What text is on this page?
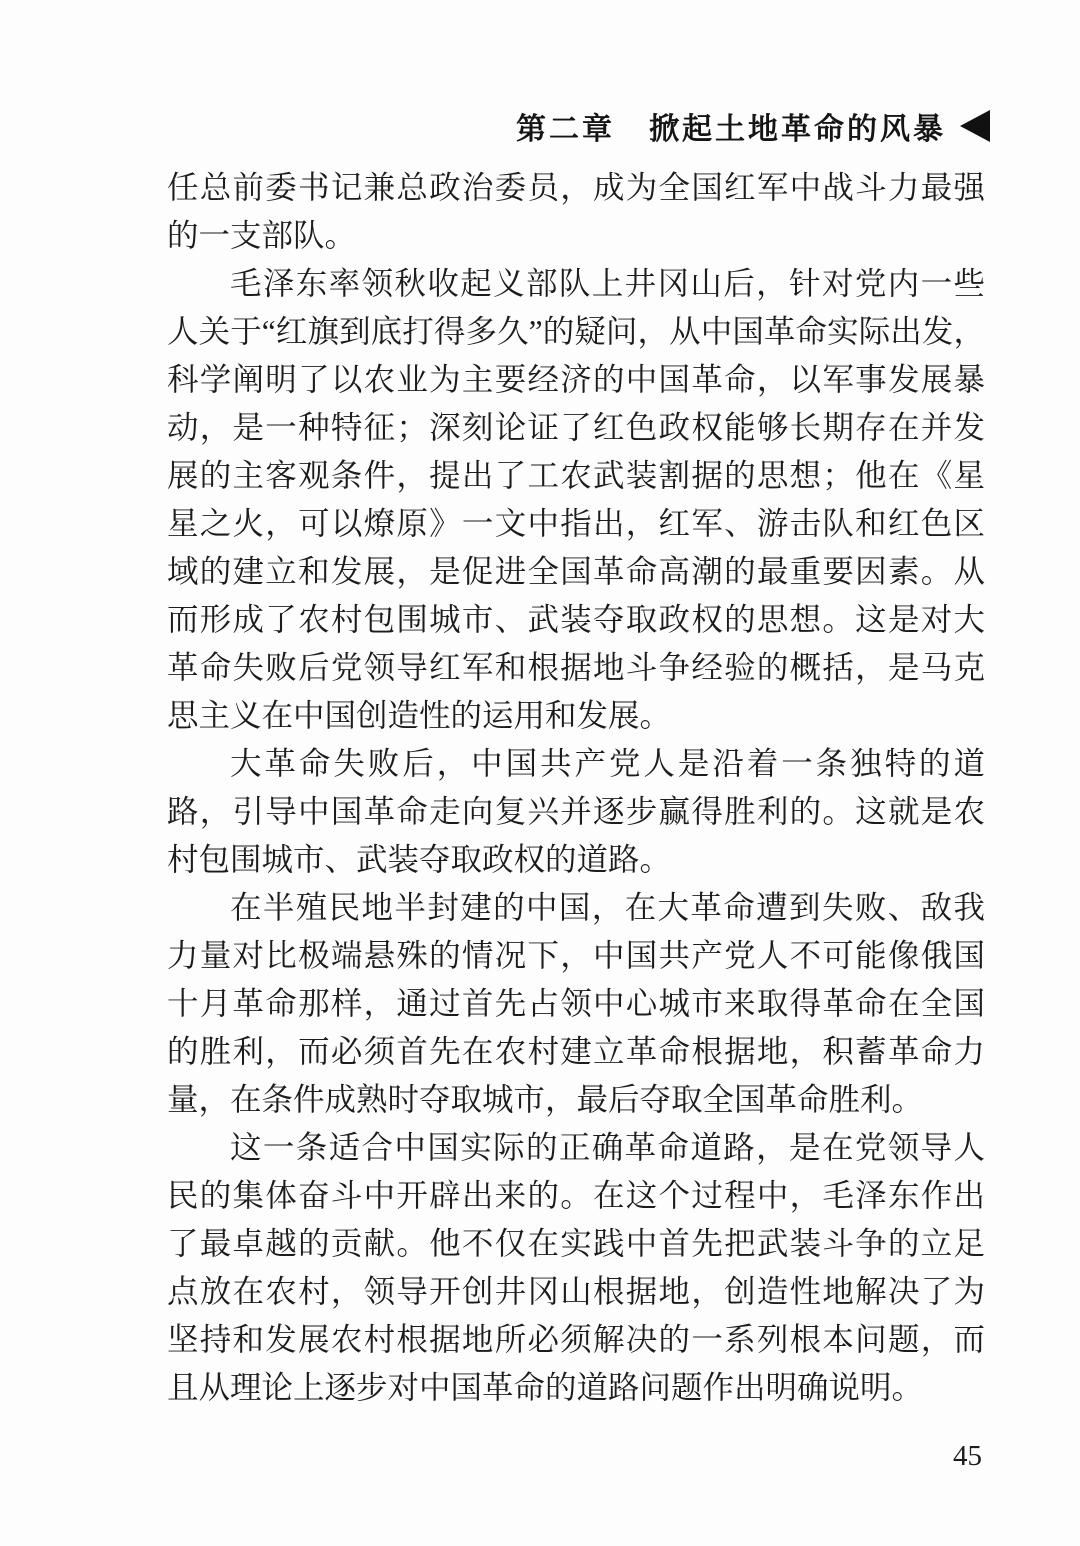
第二章 掀起土地革命的风暴

任总前委书记兼总政治委员，成为全国红军中战斗力最强的一支部队。

毛泽东率领秋收起义部队上井冈山后，针对党内一些人关于“红旗到底打得多久”的疑问，从中国革命实际出发，科学阐明了以农业为主要经济的中国革命，以军事发展暴动，是一种特征；深刻论证了红色政权能够长期存在并发展的主客观条件，提出了工农武装割据的思想；他在《星星之火，可以燎原》一文中指出，红军、游击队和红色区域的建立和发展，是促进全国革命高潮的最重要因素。从而形成了农村包围城市、武装夺取政权的思想。这是对大革命失败后党领导红军和根据地斗争经验的概括，是马克思主义在中国创造性的运用和发展。

大革命失败后，中国共产党人是沿着一条独特的道路，引导中国革命走向复兴并逐步赢得胜利的。这就是农村包围城市、武装夺取政权的道路。

在半殖民地半封建的中国，在大革命遭到失败、敌我力量对比极端悬殊的情况下，中国共产党人不可能像俄国十月革命那样，通过首先占领中心城市来取得革命在全国的胜利，而必须首先在农村建立革命根据地，积蓄革命力量，在条件成熟时夺取城市，最后夺取全国革命胜利。

这一条适合中国实际的正确革命道路，是在党领导人民的集体奋斗中开辟出来的。在这个过程中，毛泽东作出了最卓越的贡献。他不仅在实践中首先把武装斗争的立足点放在农村，领导开创井冈山根据地，创造性地解决了为坚持和发展农村根据地所必须解决的一系列根本问题，而且从理论上逐步对中国革命的道路问题作出明确说明。

45
